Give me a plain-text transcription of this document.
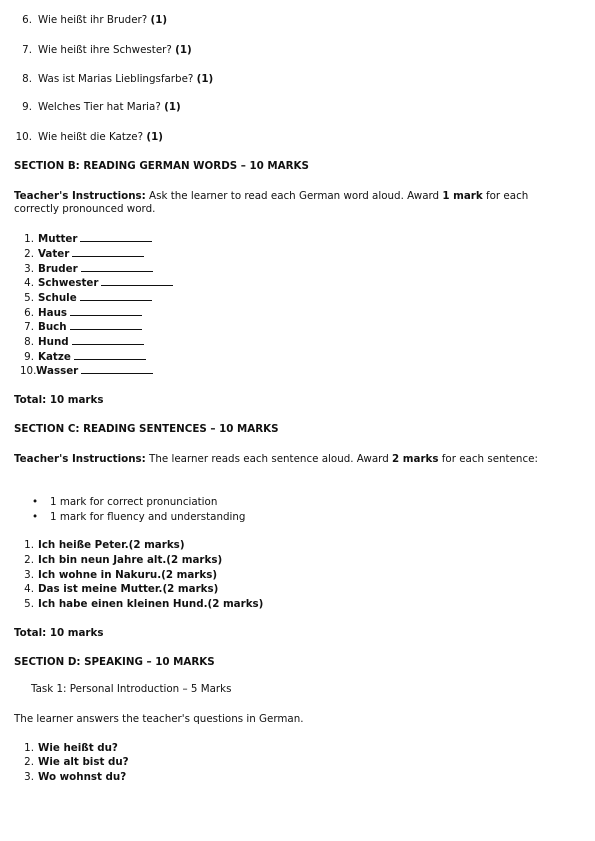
6. Wie heißt ihr Bruder? (1)
7. Wie heißt ihre Schwester? (1)
8. Was ist Marias Lieblingsfarbe? (1)
9. Welches Tier hat Maria? (1)
10. Wie heißt die Katze? (1)
SECTION B: READING GERMAN WORDS – 10 MARKS
Teacher's Instructions: Ask the learner to read each German word aloud. Award 1 mark for each correctly pronounced word.
1. Mutter
2. Vater
3. Bruder
4. Schwester
5. Schule
6. Haus
7. Buch
8. Hund
9. Katze
10.Wasser
Total: 10 marks
SECTION C: READING SENTENCES – 10 MARKS
Teacher's Instructions: The learner reads each sentence aloud. Award 2 marks for each sentence:
• 1 mark for correct pronunciation
• 1 mark for fluency and understanding
1. Ich heiße Peter.(2 marks)
2. Ich bin neun Jahre alt.(2 marks)
3. Ich wohne in Nakuru.(2 marks)
4. Das ist meine Mutter.(2 marks)
5. Ich habe einen kleinen Hund.(2 marks)
Total: 10 marks
SECTION D: SPEAKING – 10 MARKS
Task 1: Personal Introduction – 5 Marks
The learner answers the teacher's questions in German.
1. Wie heißt du?
2. Wie alt bist du?
3. Wo wohnst du?
